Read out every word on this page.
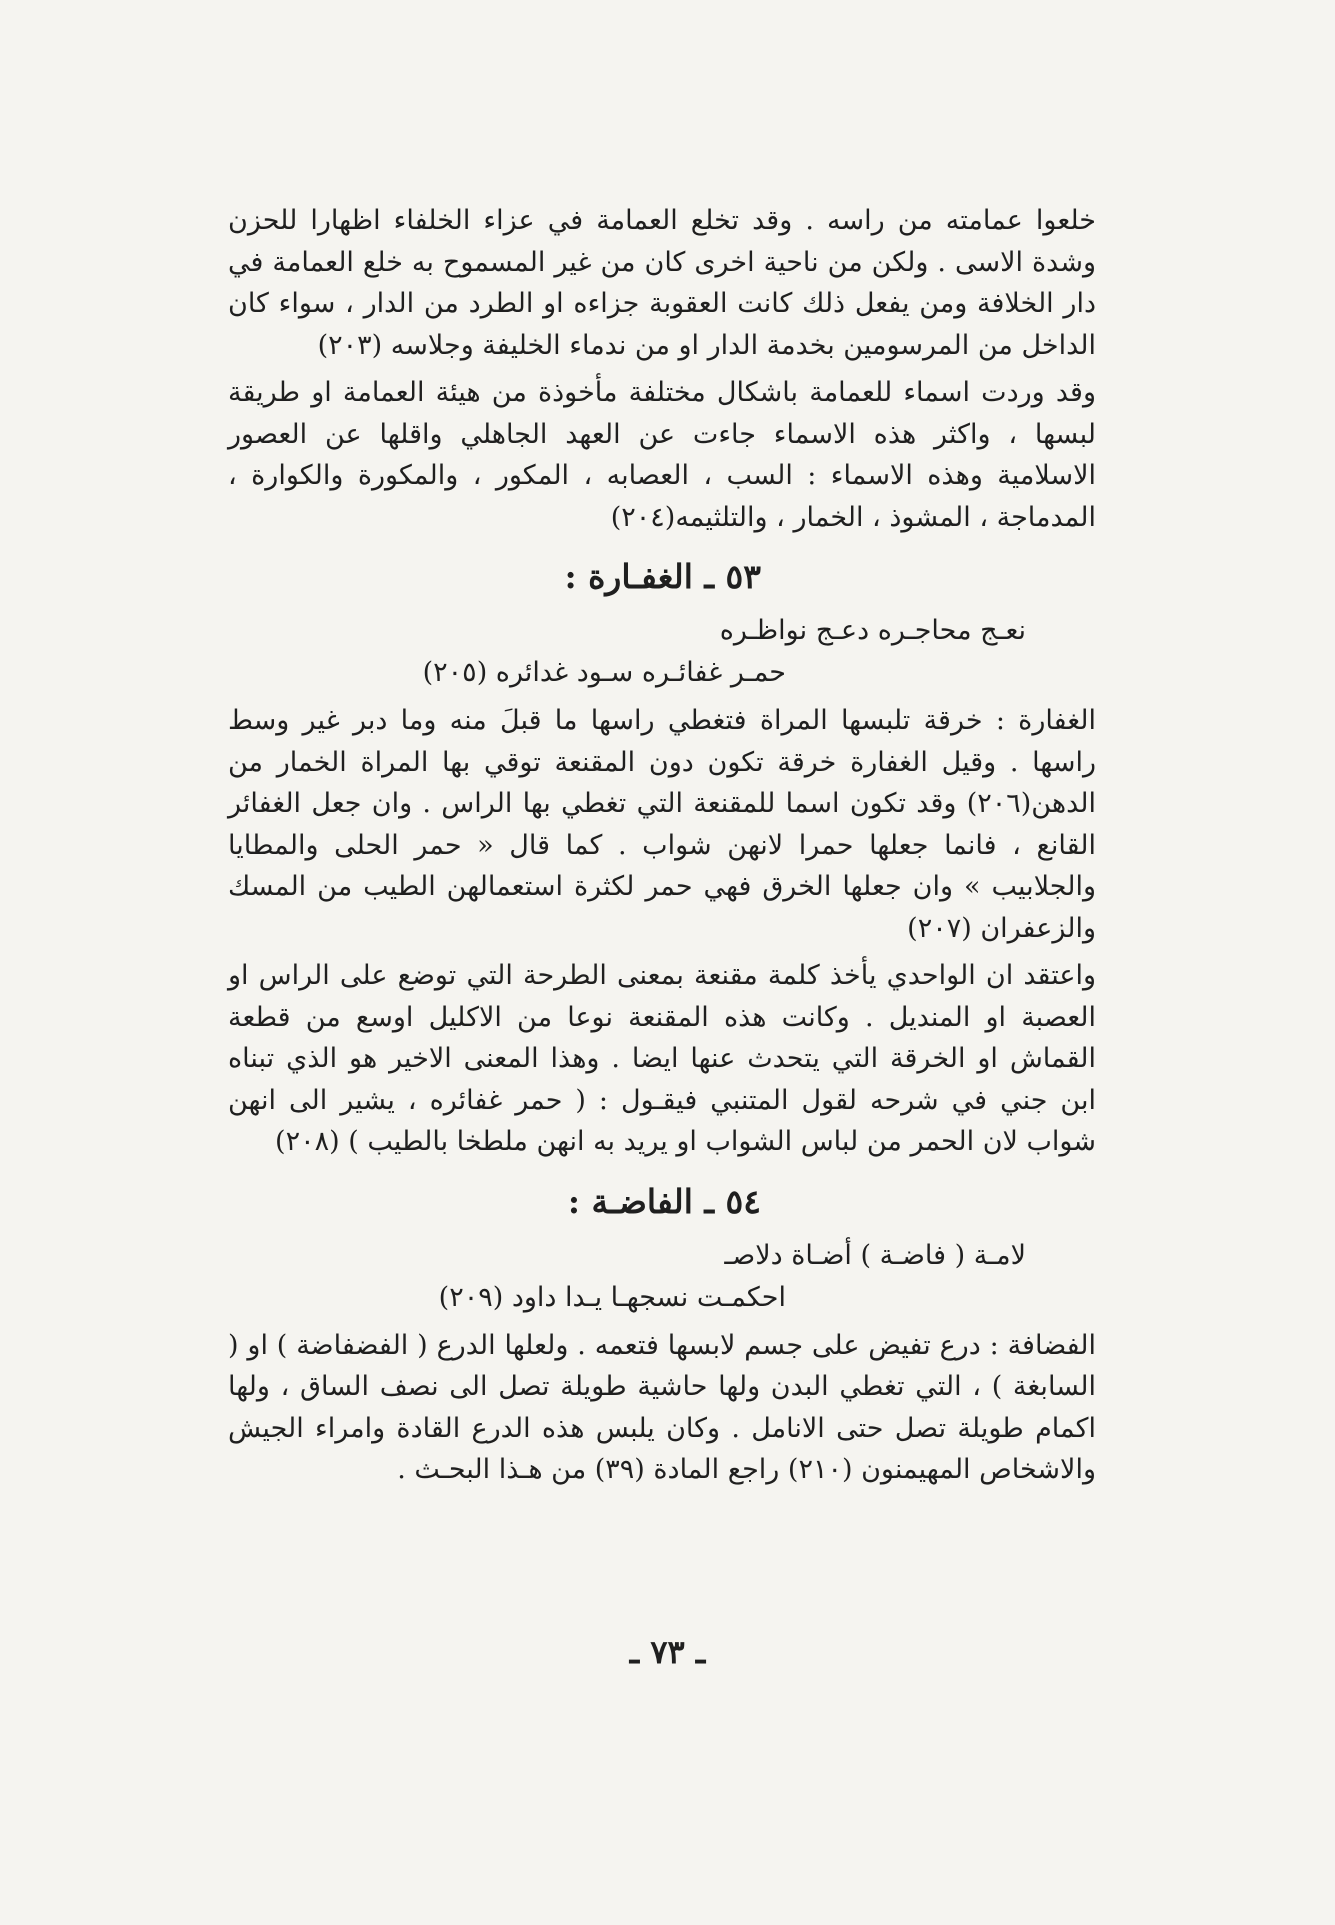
خلعوا عمامته من راسه . وقد تخلع العمامة في عزاء الخلفاء اظهارا للحزن وشدة الاسى . ولكن من ناحية اخرى كان من غير المسموح به خلع العمامة في دار الخلافة ومن يفعل ذلك كانت العقوبة جزاءه او الطرد من الدار ، سواء كان الداخل من المرسومين بخدمة الدار او من ندماء الخليفة وجلاسه (٢٠٣)

وقد وردت اسماء للعمامة باشكال مختلفة مأخوذة من هيئة العمامة او طريقة لبسها ، واكثر هذه الاسماء جاءت عن العهد الجاهلي واقلها عن العصور الاسلامية وهذه الاسماء : السب ، العصابه ، المكور ، والمكورة والكوارة ، المدماجة ، المشوذ ، الخمار ، والتلثيمه(٢٠٤)

٥٣ ـ الغفـارة :

نعـج محاجـره دعـج نواظـره

حمـر غفائـره سـود غدائره (٢٠٥)

الغفارة : خرقة تلبسها المراة فتغطي راسها ما قبلَ منه وما دبر غير وسط راسها . وقيل الغفارة خرقة تكون دون المقنعة توقي بها المراة الخمار من الدهن(٢٠٦) وقد تكون اسما للمقنعة التي تغطي بها الراس . وان جعل الغفائر القانع ، فانما جعلها حمرا لانهن شواب . كما قال « حمر الحلى والمطايا والجلابيب » وان جعلها الخرق فهي حمر لكثرة استعمالهن الطيب من المسك والزعفران (٢٠٧)

واعتقد ان الواحدي يأخذ كلمة مقنعة بمعنى الطرحة التي توضع على الراس او العصبة او المنديل . وكانت هذه المقنعة نوعا من الاكليل اوسع من قطعة القماش او الخرقة التي يتحدث عنها ايضا . وهذا المعنى الاخير هو الذي تبناه ابن جني في شرحه لقول المتنبي فيقـول : ( حمر غفائره ، يشير الى انهن شواب لان الحمر من لباس الشواب او يريد به انهن ملطخا بالطيب ) (٢٠٨)

٥٤ ـ الفاضـة :

لامـة ( فاضـة ) أضـاة دلاصـ

احكمـت نسجهـا يـدا داود (٢٠٩)

الفضافة : درع تفيض على جسم لابسها فتعمه . ولعلها الدرع ( الفضفاضة ) او ( السابغة ) ، التي تغطي البدن ولها حاشية طويلة تصل الى نصف الساق ، ولها اكمام طويلة تصل حتى الانامل . وكان يلبس هذه الدرع القادة وامراء الجيش والاشخاص المهيمنون (٢١٠) راجع المادة (٣٩) من هـذا البحـث .

ـ ٧٣ ـ
